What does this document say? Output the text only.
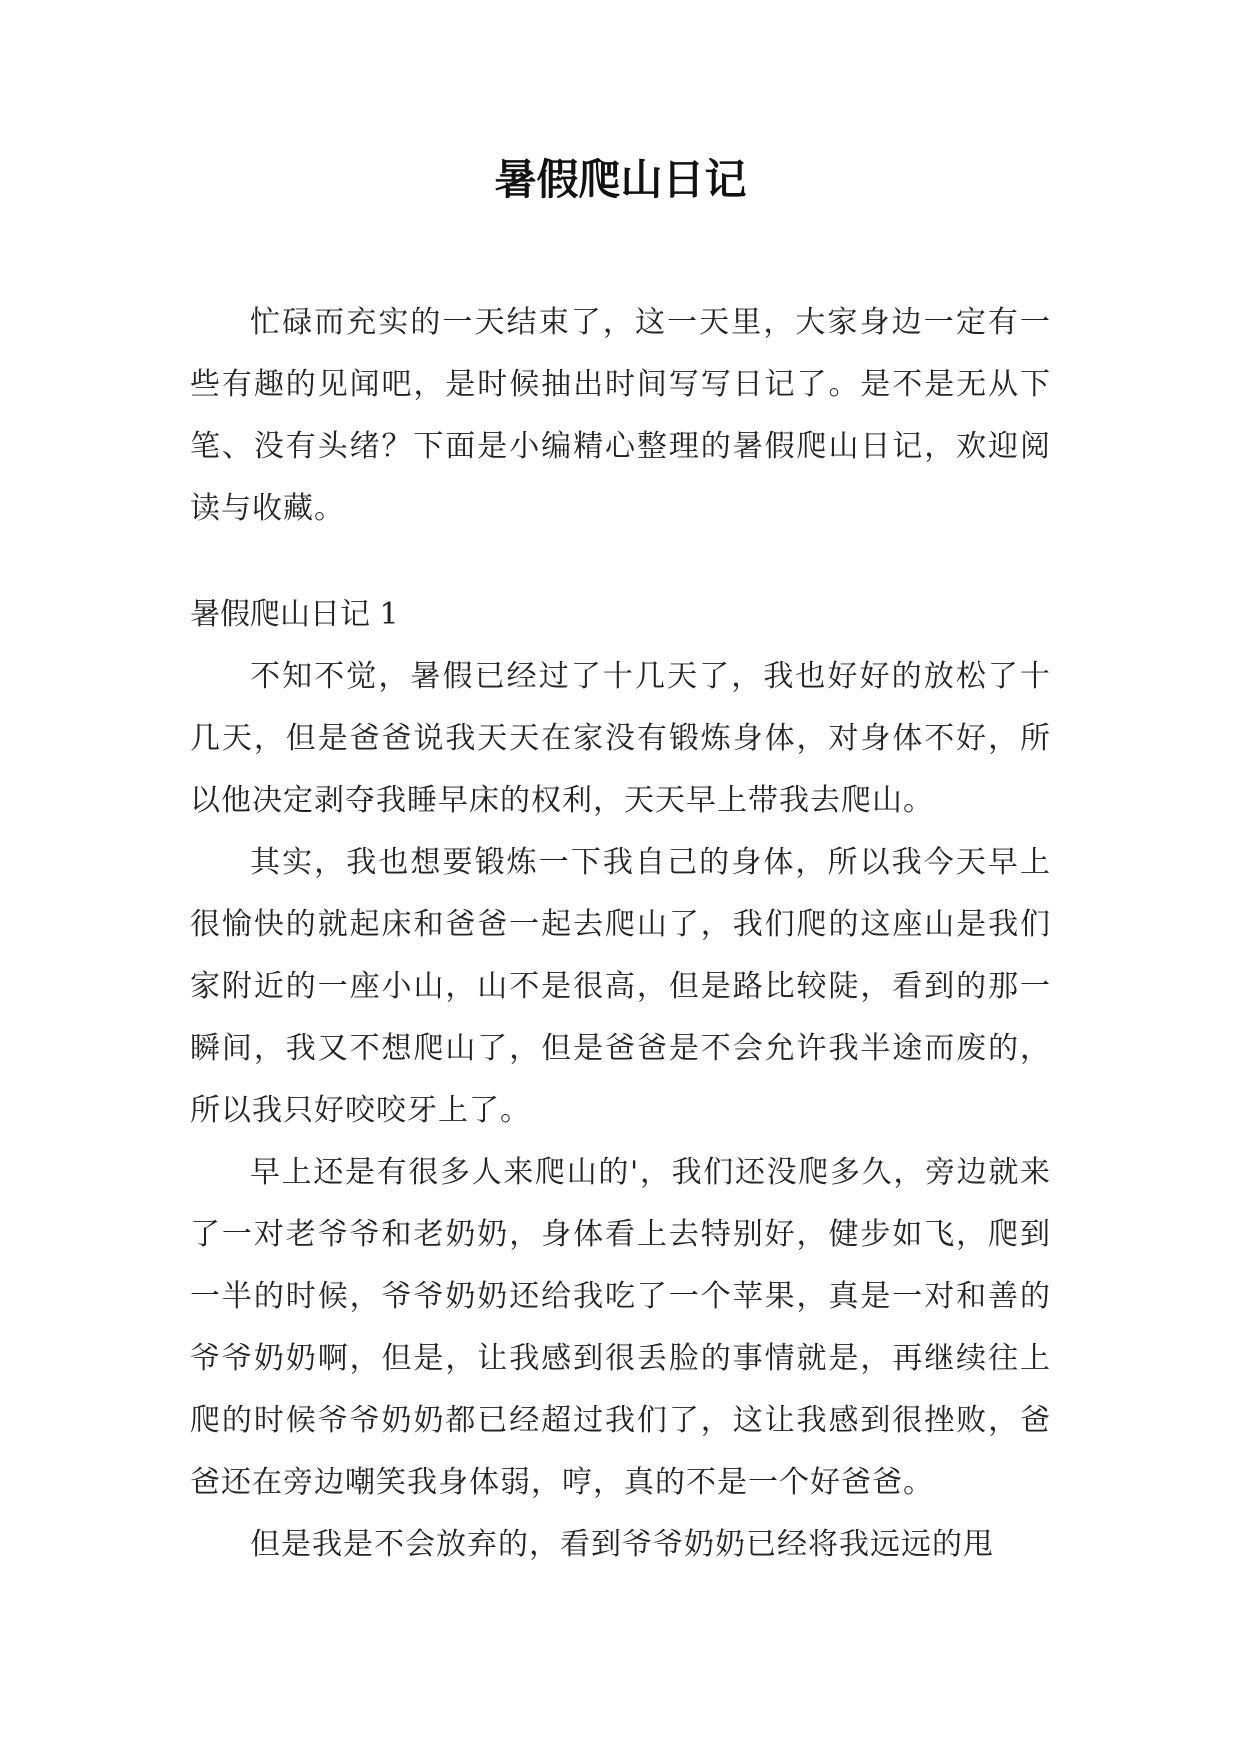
暑假爬山日记

忙碌而充实的一天结束了，这一天里，大家身边一定有一些有趣的见闻吧，是时候抽出时间写写日记了。是不是无从下笔、没有头绪？下面是小编精心整理的暑假爬山日记，欢迎阅读与收藏。

暑假爬山日记 1

不知不觉，暑假已经过了十几天了，我也好好的放松了十几天，但是爸爸说我天天在家没有锻炼身体，对身体不好，所以他决定剥夺我睡早床的权利，天天早上带我去爬山。

其实，我也想要锻炼一下我自己的身体，所以我今天早上很愉快的就起床和爸爸一起去爬山了，我们爬的这座山是我们家附近的一座小山，山不是很高，但是路比较陡，看到的那一瞬间，我又不想爬山了，但是爸爸是不会允许我半途而废的，所以我只好咬咬牙上了。

早上还是有很多人来爬山的'，我们还没爬多久，旁边就来了一对老爷爷和老奶奶，身体看上去特别好，健步如飞，爬到一半的时候，爷爷奶奶还给我吃了一个苹果，真是一对和善的爷爷奶奶啊，但是，让我感到很丢脸的事情就是，再继续往上爬的时候爷爷奶奶都已经超过我们了，这让我感到很挫败，爸爸还在旁边嘲笑我身体弱，哼，真的不是一个好爸爸。

但是我是不会放弃的，看到爷爷奶奶已经将我远远的甩
